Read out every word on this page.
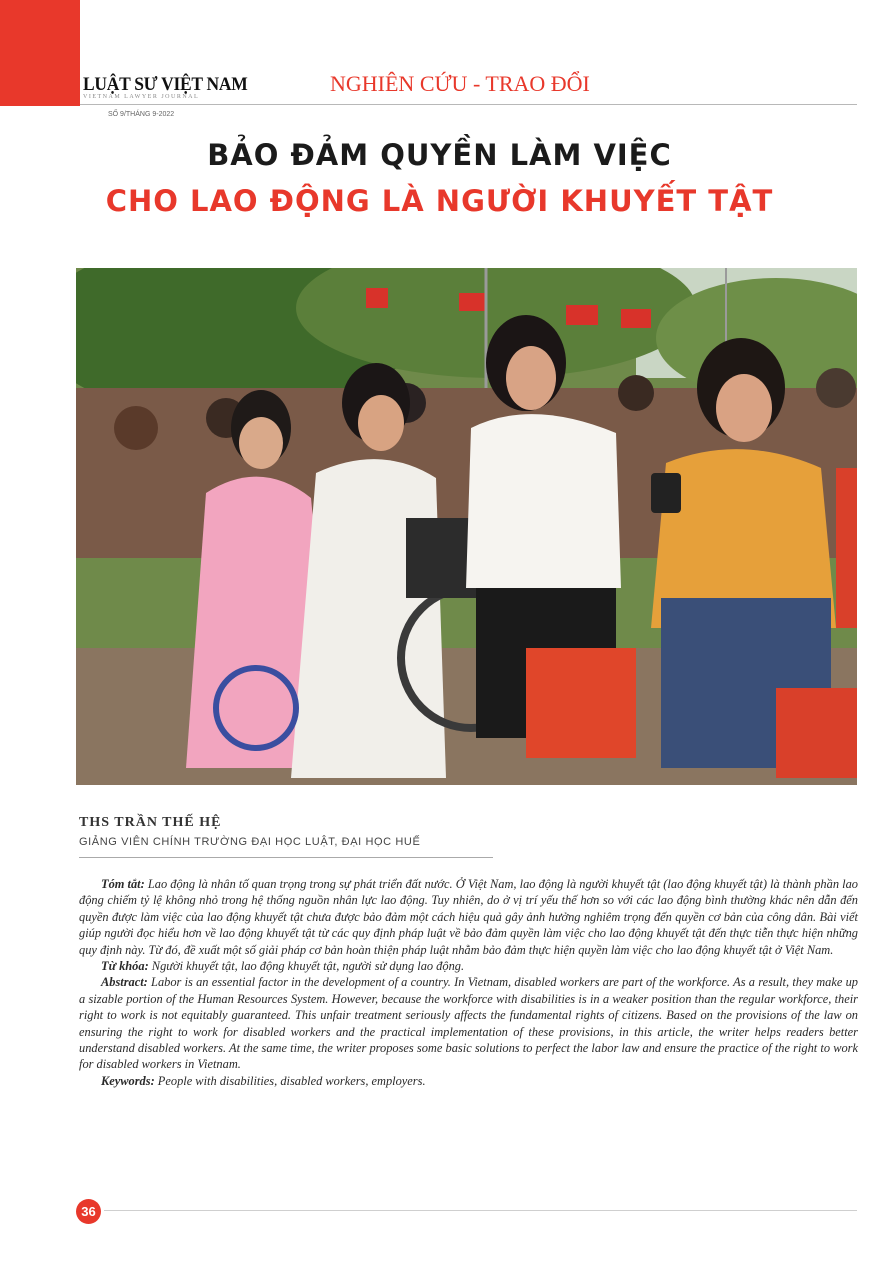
LUẬT SƯ VIỆT NAM
VIETNAM LAWYER JOURNAL
SỐ 9/THÁNG 9-2022
NGHIÊN CỨU - TRAO ĐỔI
BẢO ĐẢM QUYỀN LÀM VIỆC
CHO LAO ĐỘNG LÀ NGƯỜI KHUYẾT TẬT
THS TRẦN THẾ HỆ
GIẢNG VIÊN CHÍNH TRƯỜNG ĐẠI HỌC LUẬT, ĐẠI HỌC HUẾ

Tóm tắt: Lao động là nhân tố quan trọng trong sự phát triển đất nước. Ở Việt Nam, lao động là người khuyết tật (lao động khuyết tật) là thành phần lao động chiếm tỷ lệ không nhỏ trong hệ thống nguồn nhân lực lao động. Tuy nhiên, do ở vị trí yếu thế hơn so với các lao động bình thường khác nên dẫn đến quyền được làm việc của lao động khuyết tật chưa được bảo đảm một cách hiệu quả gây ảnh hưởng nghiêm trọng đến quyền cơ bản của công dân. Bài viết giúp người đọc hiểu hơn về lao động khuyết tật từ các quy định pháp luật về bảo đảm quyền làm việc cho lao động khuyết tật đến thực tiễn thực hiện những quy định này. Từ đó, đề xuất một số giải pháp cơ bản hoàn thiện pháp luật nhằm bảo đảm thực hiện quyền làm việc cho lao động khuyết tật ở Việt Nam.

Từ khóa: Người khuyết tật, lao động khuyết tật, người sử dụng lao động.

Abstract: Labor is an essential factor in the development of a country. In Vietnam, disabled workers are part of the workforce. As a result, they make up a sizable portion of the Human Resources System. However, because the workforce with disabilities is in a weaker position than the regular workforce, their right to work is not equitably guaranteed. This unfair treatment seriously affects the fundamental rights of citizens. Based on the provisions of the law on ensuring the right to work for disabled workers and the practical implementation of these provisions, in this article, the writer helps readers better understand disabled workers. At the same time, the writer proposes some basic solutions to perfect the labor law and ensure the practice of the right to work for disabled workers in Vietnam.

Keywords: People with disabilities, disabled workers, employers.

36
